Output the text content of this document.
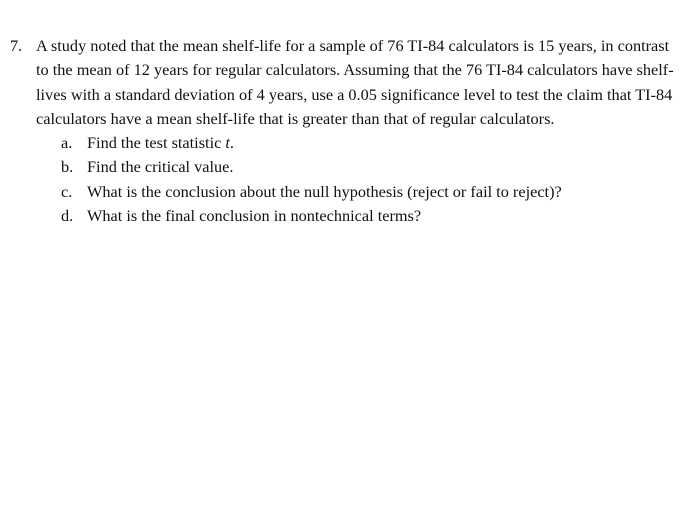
7. A study noted that the mean shelf-life for a sample of 76 TI-84 calculators is 15 years, in contrast to the mean of 12 years for regular calculators. Assuming that the 76 TI-84 calculators have shelf-lives with a standard deviation of 4 years, use a 0.05 significance level to test the claim that TI-84 calculators have a mean shelf-life that is greater than that of regular calculators.
a. Find the test statistic t.
b. Find the critical value.
c. What is the conclusion about the null hypothesis (reject or fail to reject)?
d. What is the final conclusion in nontechnical terms?
